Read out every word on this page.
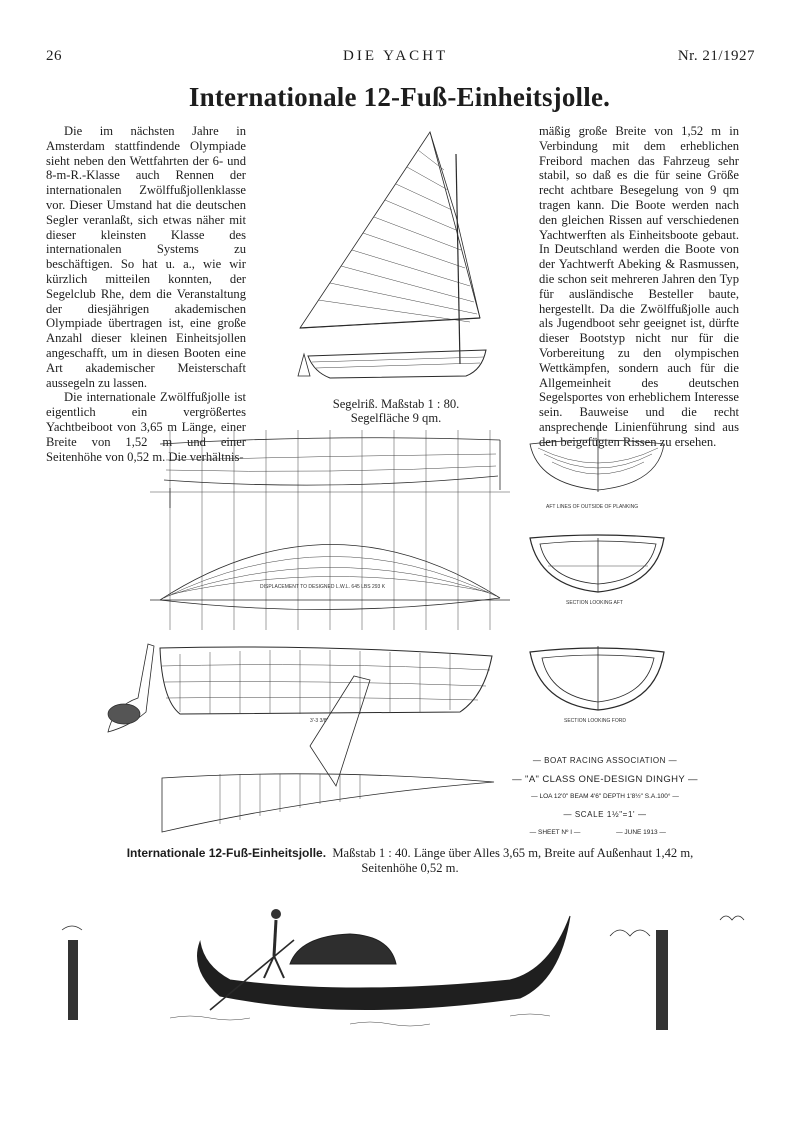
26	DIE YACHT	Nr. 21/1927
Internationale 12-Fuß-Einheitsjolle.

Die im nächsten Jahre in Amsterdam stattfindende Olympiade sieht neben den Wettfahrten der 6- und 8-m-R.-Klasse auch Rennen der internationalen Zwölffußjollenklasse vor. Dieser Umstand hat die deutschen Segler veranlaßt, sich etwas näher mit dieser kleinsten Klasse des internationalen Systems zu beschäftigen. So hat u. a., wie wir kürzlich mitteilen konnten, der Segelclub Rhe, dem die Veranstaltung der diesjährigen akademischen Olympiade übertragen ist, eine große Anzahl dieser kleinen Einheitsjollen angeschafft, um in diesen Booten eine Art akademischer Meisterschaft aussegeln zu lassen.

Die internationale Zwölffußjolle ist eigentlich ein vergrößertes Yachtbeiboot von 3,65 m Länge, einer Breite von 1,52 m und einer Seitenhöhe von 0,52 m. Die verhältnis-

mäßig große Breite von 1,52 m in Verbindung mit dem erheblichen Freibord machen das Fahrzeug sehr stabil, so daß es die für seine Größe recht achtbare Besegelung von 9 qm tragen kann. Die Boote werden nach den gleichen Rissen auf verschiedenen Yachtwerften als Einheitsboote gebaut. In Deutschland werden die Boote von der Yachtwerft Abeking & Rasmussen, die schon seit mehreren Jahren den Typ für ausländische Besteller baute, hergestellt. Da die Zwölffußjolle auch als Jugendboot sehr geeignet ist, dürfte dieser Bootstyp nicht nur für die Vorbereitung zu den olympischen Wettkämpfen, sondern auch für die Allgemeinheit des deutschen Segelsportes von erheblichem Interesse sein. Bauweise und die recht ansprechende Linienführung sind aus den beigefügten Rissen zu ersehen.

Segelriß. Maßstab 1 : 80.
Segelfläche 9 qm.
DISPLACEMENT TO DESIGNED L.W.L. 645 LBS 293 K
3'-3 3/8"
AFT LINES OF OUTSIDE OF PLANKING
SECTION LOOKING AFT
SECTION LOOKING FORD
— BOAT RACING ASSOCIATION —
— "A" CLASS ONE-DESIGN DINGHY —
— LOA 12'0" BEAM 4'6" DEPTH 1'8½" S.A.100° —
— SCALE 1½"=1' —
— SHEET Nº I —	— JUNE 1913 —
Internationale 12-Fuß-Einheitsjolle. Maßstab 1 : 40. Länge über Alles 3,65 m, Breite auf Außenhaut 1,42 m,
Seitenhöhe 0,52 m.
